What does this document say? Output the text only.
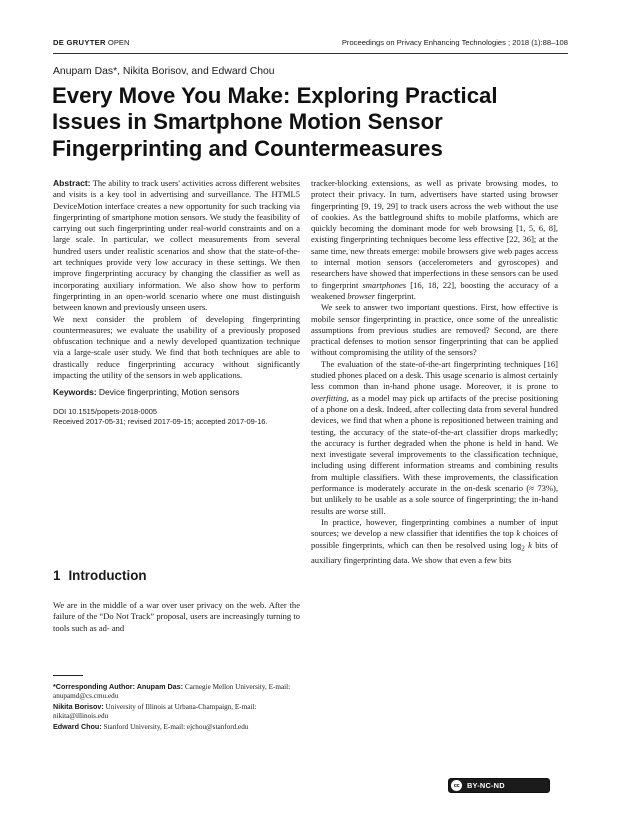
DE GRUYTER OPEN	Proceedings on Privacy Enhancing Technologies ; 2018 (1):88–108
Anupam Das*, Nikita Borisov, and Edward Chou
Every Move You Make: Exploring Practical Issues in Smartphone Motion Sensor Fingerprinting and Countermeasures

Abstract: The ability to track users' activities across different websites and visits is a key tool in advertising and surveillance. The HTML5 DeviceMotion interface creates a new opportunity for such tracking via fingerprinting of smartphone motion sensors. We study the feasibility of carrying out such fingerprinting under real-world constraints and on a large scale. In particular, we collect measurements from several hundred users under realistic scenarios and show that the state-of-the-art techniques provide very low accuracy in these settings. We then improve fingerprinting accuracy by changing the classifier as well as incorporating auxiliary information. We also show how to perform fingerprinting in an open-world scenario where one must distinguish between known and previously unseen users.

We next consider the problem of developing fingerprinting countermeasures; we evaluate the usability of a previously proposed obfuscation technique and a newly developed quantization technique via a large-scale user study. We find that both techniques are able to drastically reduce fingerprinting accuracy without significantly impacting the utility of the sensors in web applications.

Keywords: Device fingerprinting, Motion sensors

DOI 10.1515/popets-2018-0005
Received 2017-05-31; revised 2017-09-15; accepted 2017-09-16.
1 Introduction

We are in the middle of a war over user privacy on the web. After the failure of the “Do Not Track” proposal, users are increasingly turning to tools such as ad- and

*Corresponding Author: Anupam Das: Carnegie Mellon University, E-mail: anupamd@cs.cmu.edu

Nikita Borisov: University of Illinois at Urbana-Champaign, E-mail: nikita@illinois.edu

Edward Chou: Stanford University, E-mail: ejchou@stanford.edu

tracker-blocking extensions, as well as private browsing modes, to protect their privacy. In turn, advertisers have started using browser fingerprinting [9, 19, 29] to track users across the web without the use of cookies. As the battleground shifts to mobile platforms, which are quickly becoming the dominant mode for web browsing [1, 5, 6, 8], existing fingerprinting techniques become less effective [22, 36]; at the same time, new threats emerge: mobile browsers give web pages access to internal motion sensors (accelerometers and gyroscopes) and researchers have showed that imperfections in these sensors can be used to fingerprint smartphones [16, 18, 22], boosting the accuracy of a weakened browser fingerprint.

We seek to answer two important questions. First, how effective is mobile sensor fingerprinting in practice, once some of the unrealistic assumptions from previous studies are removed? Second, are there practical defenses to motion sensor fingerprinting that can be applied without compromising the utility of the sensors?

The evaluation of the state-of-the-art fingerprinting techniques [16] studied phones placed on a desk. This usage scenario is almost certainly less common than in-hand phone usage. Moreover, it is prone to overfitting, as a model may pick up artifacts of the precise positioning of a phone on a desk. Indeed, after collecting data from several hundred devices, we find that when a phone is repositioned between training and testing, the accuracy of the state-of-the-art classifier drops markedly; the accuracy is further degraded when the phone is held in hand. We next investigate several improvements to the classification technique, including using different information streams and combining results from multiple classifiers. With these improvements, the classification performance is moderately accurate in the on-desk scenario (≈ 73%), but unlikely to be usable as a sole source of fingerprinting; the in-hand results are worse still.

In practice, however, fingerprinting combines a number of input sources; we develop a new classifier that identifies the top k choices of possible fingerprints, which can then be resolved using $\log_2 k$ bits of auxiliary fingerprinting data. We show that even a few bits

cc	BY-NC-ND
